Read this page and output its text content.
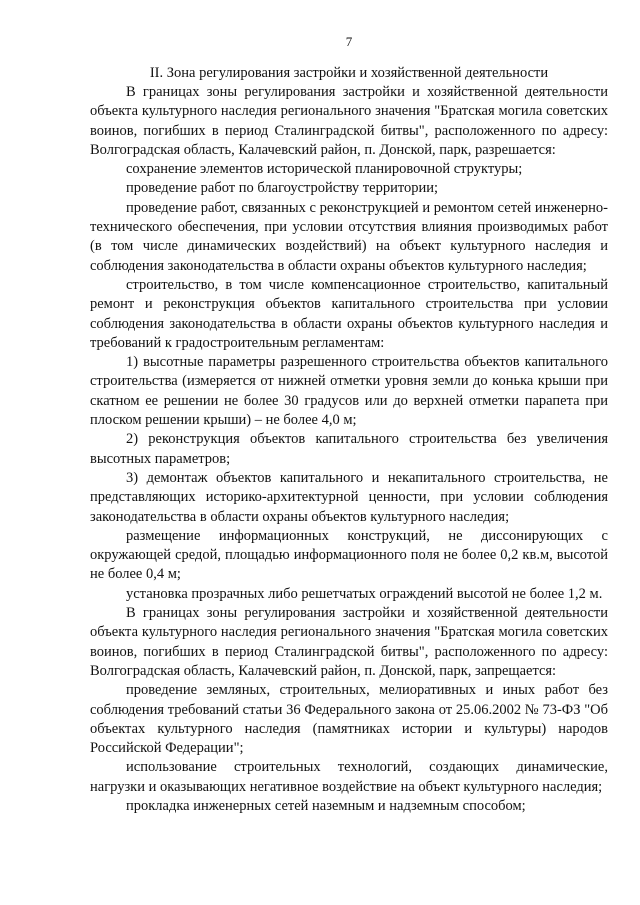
7

II. Зона регулирования застройки и хозяйственной деятельности

В границах зоны регулирования застройки и хозяйственной деятельности объекта культурного наследия регионального значения "Братская могила советских воинов, погибших в период Сталинградской битвы", расположенного по адресу: Волгоградская область, Калачевский район, п. Донской, парк, разрешается:

сохранение элементов исторической планировочной структуры;

проведение работ по благоустройству территории;

проведение работ, связанных с реконструкцией и ремонтом сетей инженерно-технического обеспечения, при условии отсутствия влияния производимых работ (в том числе динамических воздействий) на объект культурного наследия и соблюдения законодательства в области охраны объектов культурного наследия;

строительство, в том числе компенсационное строительство, капитальный ремонт и реконструкция объектов капитального строительства при условии соблюдения законодательства в области охраны объектов культурного наследия и требований к градостроительным регламентам:

1) высотные параметры разрешенного строительства объектов капитального строительства (измеряется от нижней отметки уровня земли до конька крыши при скатном ее решении не более 30 градусов или до верхней отметки парапета при плоском решении крыши) – не более 4,0 м;

2) реконструкция объектов капитального строительства без увеличения высотных параметров;

3) демонтаж объектов капитального и некапитального строительства, не представляющих историко-архитектурной ценности, при условии соблюдения законодательства в области охраны объектов культурного наследия;

размещение информационных конструкций, не диссонирующих с окружающей средой, площадью информационного поля не более 0,2 кв.м, высотой не более 0,4 м;

установка прозрачных либо решетчатых ограждений высотой не более 1,2 м.

В границах зоны регулирования застройки и хозяйственной деятельности объекта культурного наследия регионального значения "Братская могила советских воинов, погибших в период Сталинградской битвы", расположенного по адресу: Волгоградская область, Калачевский район, п. Донской, парк, запрещается:

проведение земляных, строительных, мелиоративных и иных работ без соблюдения требований статьи 36 Федерального закона от 25.06.2002 № 73-ФЗ "Об объектах культурного наследия (памятниках истории и культуры) народов Российской Федерации";

использование строительных технологий, создающих динамические, нагрузки и оказывающих негативное воздействие на объект культурного наследия;

прокладка инженерных сетей наземным и надземным способом;
